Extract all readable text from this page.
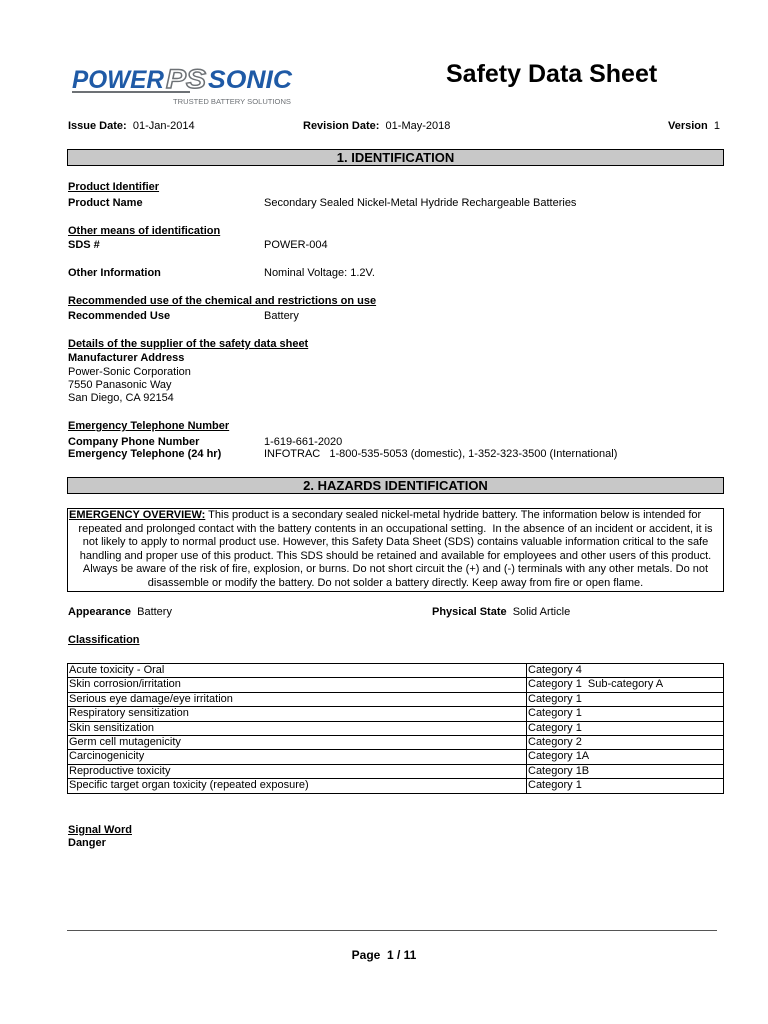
POWER PS SONIC
TRUSTED BATTERY SOLUTIONS
Safety Data Sheet
Issue Date: 01-Jan-2014	Revision Date: 01-May-2018	Version 1
1. IDENTIFICATION
Product Identifier
Product Name	Secondary Sealed Nickel-Metal Hydride Rechargeable Batteries
Other means of identification
SDS #	POWER-004
Other Information	Nominal Voltage: 1.2V.
Recommended use of the chemical and restrictions on use
Recommended Use	Battery
Details of the supplier of the safety data sheet
Manufacturer Address
Power-Sonic Corporation
7550 Panasonic Way
San Diego, CA 92154
Emergency Telephone Number
Company Phone Number	1-619-661-2020
Emergency Telephone (24 hr)	INFOTRAC   1-800-535-5053 (domestic), 1-352-323-3500 (International)
2. HAZARDS IDENTIFICATION
EMERGENCY OVERVIEW: This product is a secondary sealed nickel-metal hydride battery. The information below is intended for
repeated and prolonged contact with the battery contents in an occupational setting.  In the absence of an incident or accident, it is
not likely to apply to normal product use. However, this Safety Data Sheet (SDS) contains valuable information critical to the safe
handling and proper use of this product. This SDS should be retained and available for employees and other users of this product.
Always be aware of the risk of fire, explosion, or burns. Do not short circuit the (+) and (-) terminals with any other metals. Do not
disassemble or modify the battery. Do not solder a battery directly. Keep away from fire or open flame.
Appearance Battery	Physical State Solid Article
Classification
Acute toxicity - Oral	Category 4
Skin corrosion/irritation	Category 1  Sub-category A
Serious eye damage/eye irritation	Category 1
Respiratory sensitization	Category 1
Skin sensitization	Category 1
Germ cell mutagenicity	Category 2
Carcinogenicity	Category 1A
Reproductive toxicity	Category 1B
Specific target organ toxicity (repeated exposure)	Category 1
Signal Word
Danger
Page  1 / 11
